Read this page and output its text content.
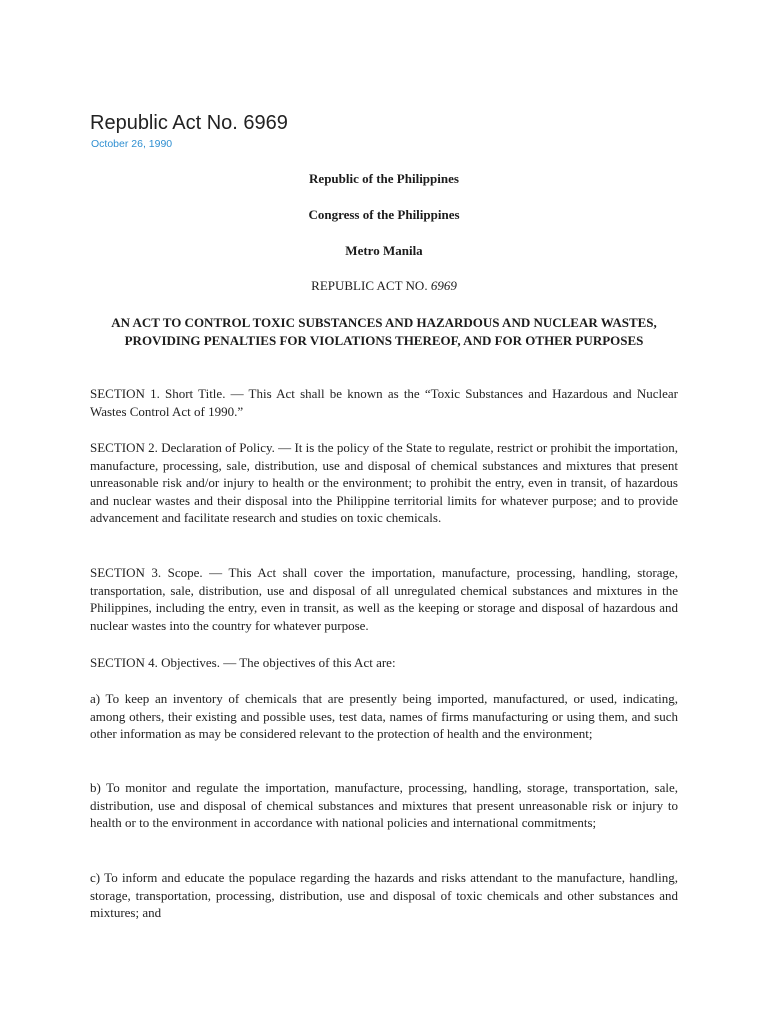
Republic Act No. 6969
October 26, 1990
Republic of the Philippines
Congress of the Philippines
Metro Manila
REPUBLIC ACT NO. 6969
AN ACT TO CONTROL TOXIC SUBSTANCES AND HAZARDOUS AND NUCLEAR WASTES, PROVIDING PENALTIES FOR VIOLATIONS THEREOF, AND FOR OTHER PURPOSES

SECTION 1. Short Title. — This Act shall be known as the “Toxic Substances and Hazardous and Nuclear Wastes Control Act of 1990.”

SECTION 2. Declaration of Policy. — It is the policy of the State to regulate, restrict or prohibit the importation, manufacture, processing, sale, distribution, use and disposal of chemical substances and mixtures that present unreasonable risk and/or injury to health or the environment; to prohibit the entry, even in transit, of hazardous and nuclear wastes and their disposal into the Philippine territorial limits for whatever purpose; and to provide advancement and facilitate research and studies on toxic chemicals.

SECTION 3. Scope. — This Act shall cover the importation, manufacture, processing, handling, storage, transportation, sale, distribution, use and disposal of all unregulated chemical substances and mixtures in the Philippines, including the entry, even in transit, as well as the keeping or storage and disposal of hazardous and nuclear wastes into the country for whatever purpose.

SECTION 4. Objectives. — The objectives of this Act are:

a) To keep an inventory of chemicals that are presently being imported, manufactured, or used, indicating, among others, their existing and possible uses, test data, names of firms manufacturing or using them, and such other information as may be considered relevant to the protection of health and the environment;

b) To monitor and regulate the importation, manufacture, processing, handling, storage, transportation, sale, distribution, use and disposal of chemical substances and mixtures that present unreasonable risk or injury to health or to the environment in accordance with national policies and international commitments;

c) To inform and educate the populace regarding the hazards and risks attendant to the manufacture, handling, storage, transportation, processing, distribution, use and disposal of toxic chemicals and other substances and mixtures; and
